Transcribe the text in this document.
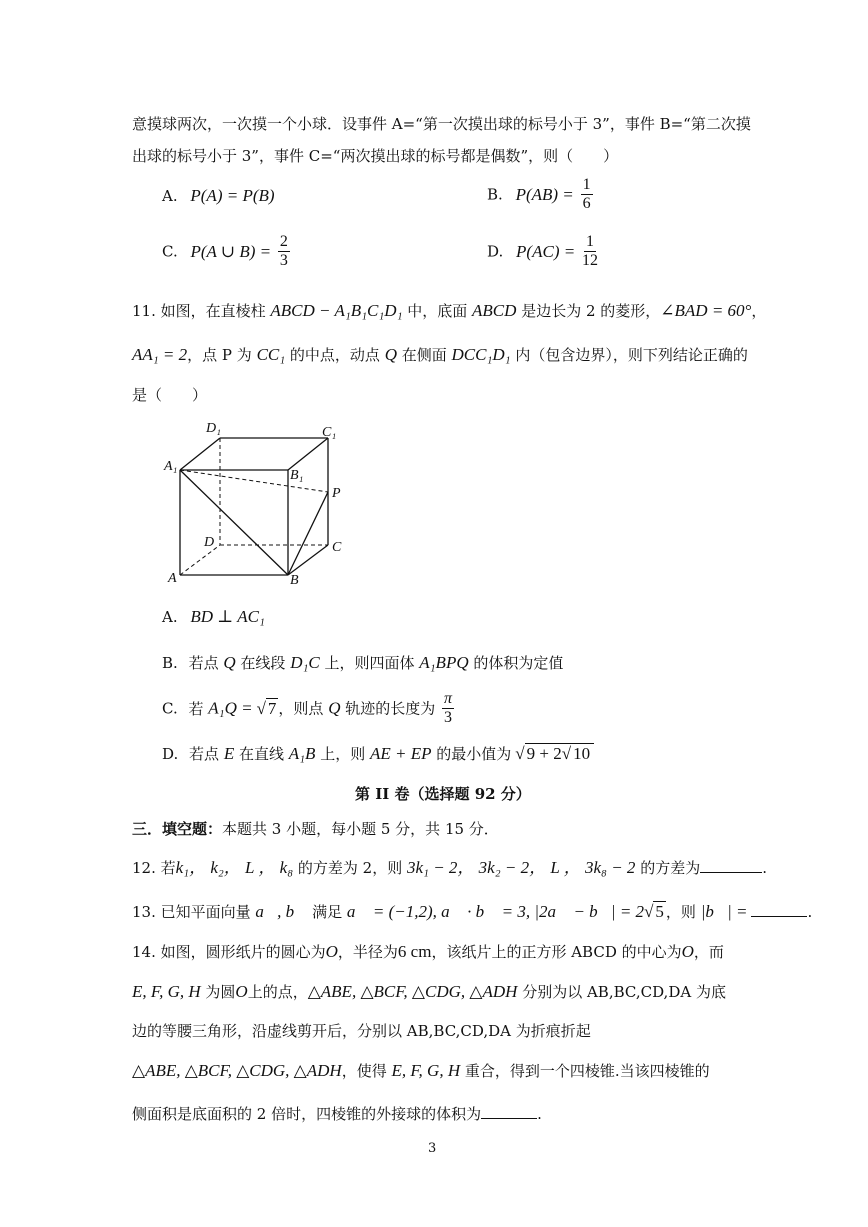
意摸球两次，一次摸一个小球．设事件 A=“第一次摸出球的标号小于 3”，事件 B=“第二次摸
出球的标号小于 3”，事件 C=“两次摸出球的标号都是偶数”，则（　　）
A. P(A) = P(B)	B. $P(AB) = \frac{1}{6}$
C. P(A ∪ $B) = \frac{2}{3}$	D. $P(AC) = \frac{1}{12}$
11. 如图，在直棱柱 ABCD − A₁B₁C₁D₁ 中，底面 ABCD 是边长为 2 的菱形，∠BAD = 60°，
AA₁ = 2，点 P 为 CC₁ 的中点，动点 Q 在侧面 DCC₁D₁ 内（包含边界），则下列结论正确的
是（　　）
D₁	C₁
A₁
B₁
P
D	C
A	B
A. BD ⊥ AC₁
B. 若点 Q 在线段 D₁C 上，则四面体 A₁BPQ 的体积为定值
C. 若 A₁Q = √ 7 ，则点 Q 轨迹的长度为 $\frac{\pi}{3}$
D. 若点 E 在直线 A₁B 上，则 AE + EP 的最小值为 √ 9 + 2√ 10
第 II 卷（选择题 92 分）
三．填空题：本题共 3 小题，每小题 5 分，共 15 分．
12. 若k₁， k₂， L ， k₈ 的方差为 2，则 3k₁ − 2， 3k₂ − 2， L ， 3k₈ − 2 的方差为	.
13. 已知平面向量 a⃗, b⃗ 满足 a⃗ = (−1,2), a⃗ · b⃗ = 3, |2a⃗ − b⃗| = 2√ 5 ，则 |b⃗| =	.
14. 如图，圆形纸片的圆心为O，半径为6 cm，该纸片上的正方形 ABCD 的中心为O，而
E, F, G, H 为圆O上的点，△ABE, △BCF, △CDG, △ADH 分别为以 AB,BC,CD,DA 为底
边的等腰三角形，沿虚线剪开后，分别以 AB,BC,CD,DA 为折痕折起
△ABE, △BCF, △CDG, △ADH，使得 E, F, G, H 重合，得到一个四棱锥.当该四棱锥的
侧面积是底面积的 2 倍时，四棱锥的外接球的体积为	.
3
